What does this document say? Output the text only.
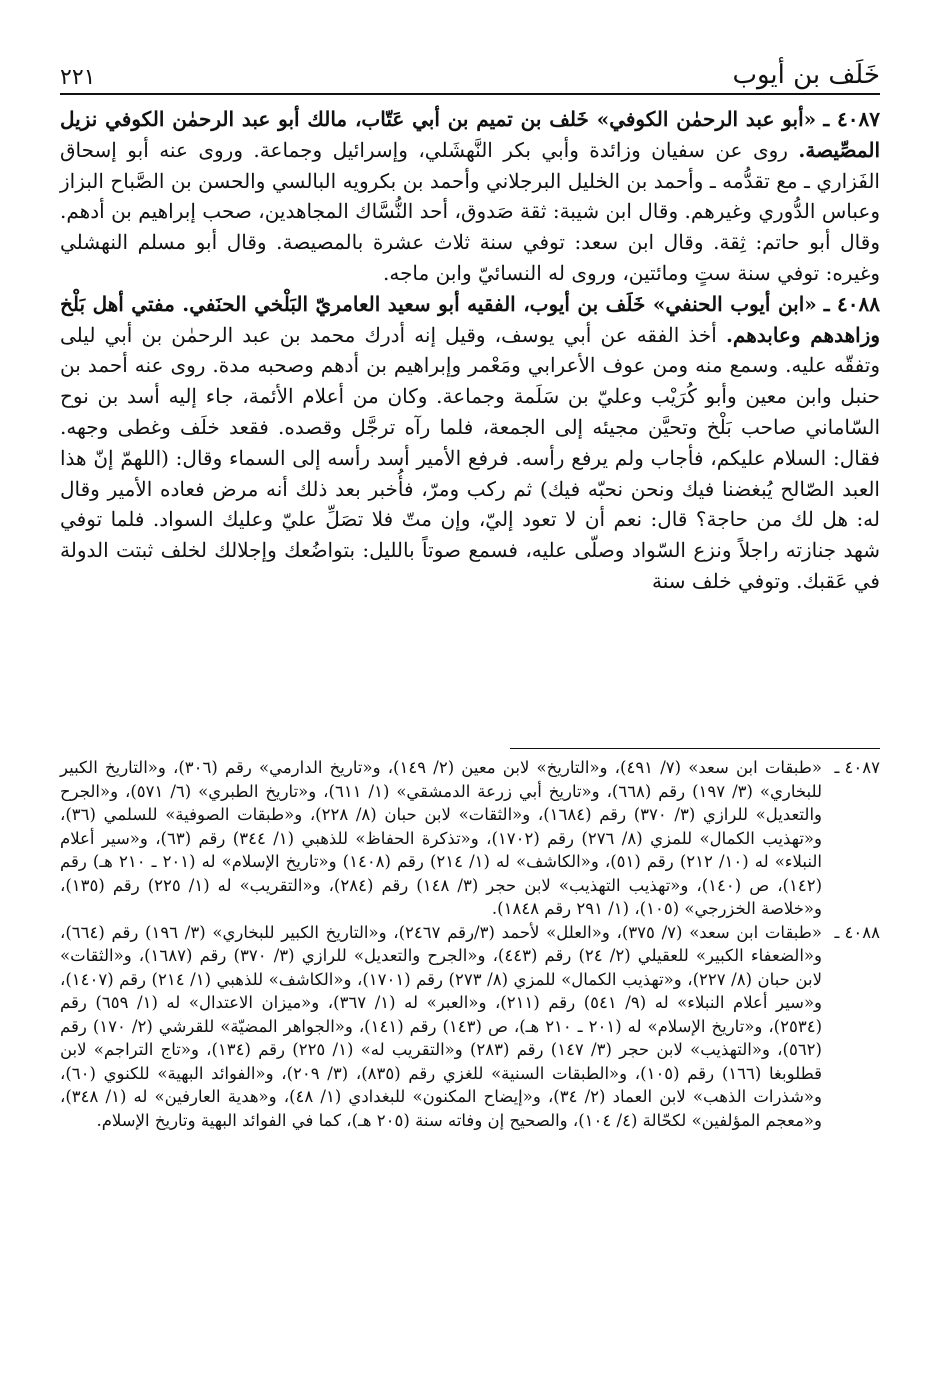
خَلَف بن أيوب
٢٢١

٤٠٨٧ ـ «أبو عبد الرحمٰن الكوفي» خَلف بن تميم بن أبي عَتّاب، مالك أبو عبد الرحمٰن الكوفي نزيل المصِّيصة. روى عن سفيان وزائدة وأبي بكر النَّهشَلي، وإسرائيل وجماعة. وروى عنه أبو إسحاق الفَزاري ـ مع تقدُّمه ـ وأحمد بن الخليل البرجلاني وأحمد بن بكرويه البالسي والحسن بن الصَّباح البزاز وعباس الدُّوري وغيرهم. وقال ابن شيبة: ثقة صَدوق، أحد النُّسَّاك المجاهدين، صحب إبراهيم بن أدهم. وقال أبو حاتم: ثِقة. وقال ابن سعد: توفي سنة ثلاث عشرة بالمصيصة. وقال أبو مسلم النهشلي وغيره: توفي سنة ستٍ ومائتين، وروى له النسائيّ وابن ماجه.

٤٠٨٨ ـ «ابن أيوب الحنفي» خَلَف بن أيوب، الفقيه أبو سعيد العامريّ البَلْخي الحنَفي. مفتي أهل بَلْخ وزاهدهم وعابدهم. أخذ الفقه عن أبي يوسف، وقيل إنه أدرك محمد بن عبد الرحمٰن بن أبي ليلى وتفقّه عليه. وسمع منه ومن عوف الأعرابي ومَعْمر وإبراهيم بن أدهم وصحبه مدة. روى عنه أحمد بن حنبل وابن معين وأبو كُرَيْب وعليّ بن سَلَمة وجماعة. وكان من أعلام الأئمة، جاء إليه أسد بن نوح السّاماني صاحب بَلْخ وتحيَّن مجيئه إلى الجمعة، فلما رآه ترجَّل وقصده. فقعد خلَف وغطى وجهه. فقال: السلام عليكم، فأجاب ولم يرفع رأسه. فرفع الأمير أسد رأسه إلى السماء وقال: (اللهمّ إنّ هذا العبد الصّالح يُبغضنا فيك ونحن نحبّه فيك) ثم ركب ومرّ، فأُخبر بعد ذلك أنه مرض فعاده الأمير وقال له: هل لك من حاجة؟ قال: نعم أن لا تعود إليّ، وإن متّ فلا تصَلِّ عليّ وعليك السواد. فلما توفي شهد جنازته راجلاً ونزع السّواد وصلّى عليه، فسمع صوتاً بالليل: بتواضُعك وإجلالك لخلف ثبتت الدولة في عَقبك. وتوفي خلف سنة

٤٠٨٧ ـ
«طبقات ابن سعد» (٧/ ٤٩١)، و«التاريخ» لابن معين (٢/ ١٤٩)، و«تاريخ الدارمي» رقم (٣٠٦)، و«التاريخ الكبير للبخاري» (٣/ ١٩٧) رقم (٦٦٨)، و«تاريخ أبي زرعة الدمشقي» (١/ ٦١١)، و«تاريخ الطبري» (٦/ ٥٧١)، و«الجرح والتعديل» للرازي (٣/ ٣٧٠) رقم (١٦٨٤)، و«الثقات» لابن حبان (٨/ ٢٢٨)، و«طبقات الصوفية» للسلمي (٣٦)، و«تهذيب الكمال» للمزي (٨/ ٢٧٦) رقم (١٧٠٢)، و«تذكرة الحفاظ» للذهبي (١/ ٣٤٤) رقم (٦٣)، و«سير أعلام النبلاء» له (١٠/ ٢١٢) رقم (٥١)، و«الكاشف» له (١/ ٢١٤) رقم (١٤٠٨) و«تاريخ الإسلام» له (٢٠١ ـ ٢١٠ هـ) رقم (١٤٢)، ص (١٤٠)، و«تهذيب التهذيب» لابن حجر (٣/ ١٤٨) رقم (٢٨٤)، و«التقريب» له (١/ ٢٢٥) رقم (١٣٥)، و«خلاصة الخزرجي» (١٠٥)، (١/ ٢٩١ رقم ١٨٤٨).
٤٠٨٨ ـ
«طبقات ابن سعد» (٧/ ٣٧٥)، و«العلل» لأحمد (٣/رقم ٢٤٦٧)، و«التاريخ الكبير للبخاري» (٣/ ١٩٦) رقم (٦٦٤)، و«الضعفاء الكبير» للعقيلي (٢/ ٢٤) رقم (٤٤٣)، و«الجرح والتعديل» للرازي (٣/ ٣٧٠) رقم (١٦٨٧)، و«الثقات» لابن حبان (٨/ ٢٢٧)، و«تهذيب الكمال» للمزي (٨/ ٢٧٣) رقم (١٧٠١)، و«الكاشف» للذهبي (١/ ٢١٤) رقم (١٤٠٧)، و«سير أعلام النبلاء» له (٩/ ٥٤١) رقم (٢١١)، و«العبر» له (١/ ٣٦٧)، و«ميزان الاعتدال» له (١/ ٦٥٩) رقم (٢٥٣٤)، و«تاريخ الإسلام» له (٢٠١ ـ ٢١٠ هـ)، ص (١٤٣) رقم (١٤١)، و«الجواهر المضيّة» للقرشي (٢/ ١٧٠) رقم (٥٦٢)، و«التهذيب» لابن حجر (٣/ ١٤٧) رقم (٢٨٣) و«التقريب له» (١/ ٢٢٥) رقم (١٣٤)، و«تاج التراجم» لابن قطلوبغا (١٦٦) رقم (١٠٥)، و«الطبقات السنية» للغزي رقم (٨٣٥)، (٣/ ٢٠٩)، و«الفوائد البهية» للكنوي (٦٠)، و«شذرات الذهب» لابن العماد (٢/ ٣٤)، و«إيضاح المكنون» للبغدادي (١/ ٤٨)، و«هدية العارفين» له (١/ ٣٤٨)، و«معجم المؤلفين» لكحّالة (٤/ ١٠٤)، والصحيح إن وفاته سنة (٢٠٥ هـ)، كما في الفوائد البهية وتاريخ الإسلام.
